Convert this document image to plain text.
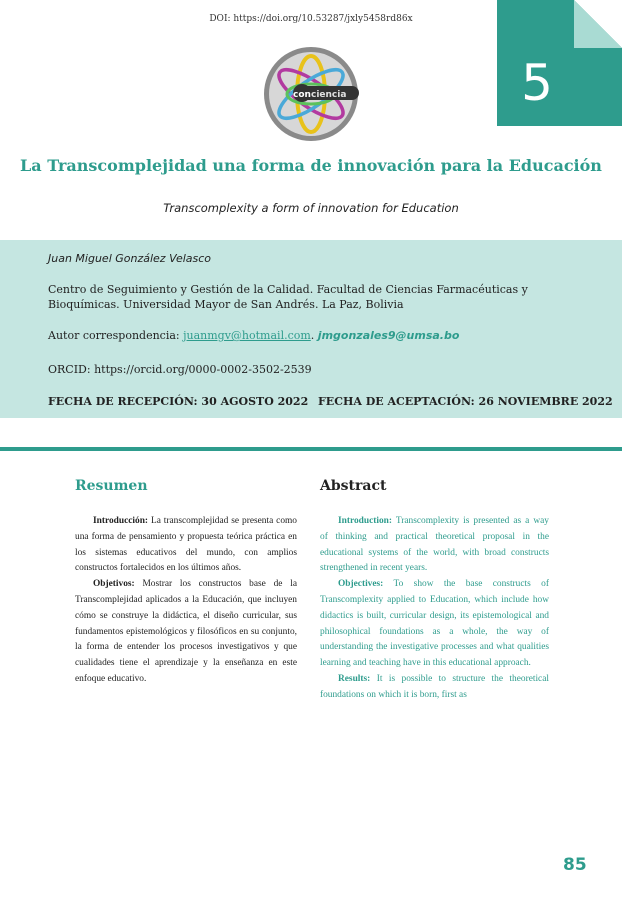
DOI: https://doi.org/10.53287/jxly5458rd86x
5
con ciencia
La Transcomplejidad una forma de innovación para la Educación
Transcomplexity a form of innovation for Education
Juan Miguel González Velasco
Centro de Seguimiento y Gestión de la Calidad. Facultad de Ciencias Farmacéuticas y Bioquímicas. Universidad Mayor de San Andrés. La Paz, Bolivia
Autor correspondencia: juanmgv@hotmail.com. jmgonzales9@umsa.bo
ORCID: https://orcid.org/0000-0002-3502-2539
FECHA DE RECEPCIÓN: 30 AGOSTO 2022 FECHA DE ACEPTACIÓN: 26 NOVIEMBRE 2022
Resumen	Abstract

Introducción: La transcomplejidad se presenta como una forma de pensamiento y propuesta teórica práctica en los sistemas educativos del mundo, con amplios constructos fortalecidos en los últimos años.

Objetivos: Mostrar los constructos base de la Transcomplejidad aplicados a la Educación, que incluyen cómo se construye la didáctica, el diseño curricular, sus fundamentos epistemológicos y filosóficos en su conjunto, la forma de entender los procesos investigativos y que cualidades tiene el aprendizaje y la enseñanza en este enfoque educativo.

Introduction: Transcomplexity is presented as a way of thinking and practical theoretical proposal in the educational systems of the world, with broad constructs strengthened in recent years.

Objectives: To show the base constructs of Transcomplexity applied to Education, which include how didactics is built, curricular design, its epistemological and philosophical foundations as a whole, the way of understanding the investigative processes and what qualities learning and teaching have in this educational approach.

Results: It is possible to structure the theoretical foundations on which it is born, first as

85
